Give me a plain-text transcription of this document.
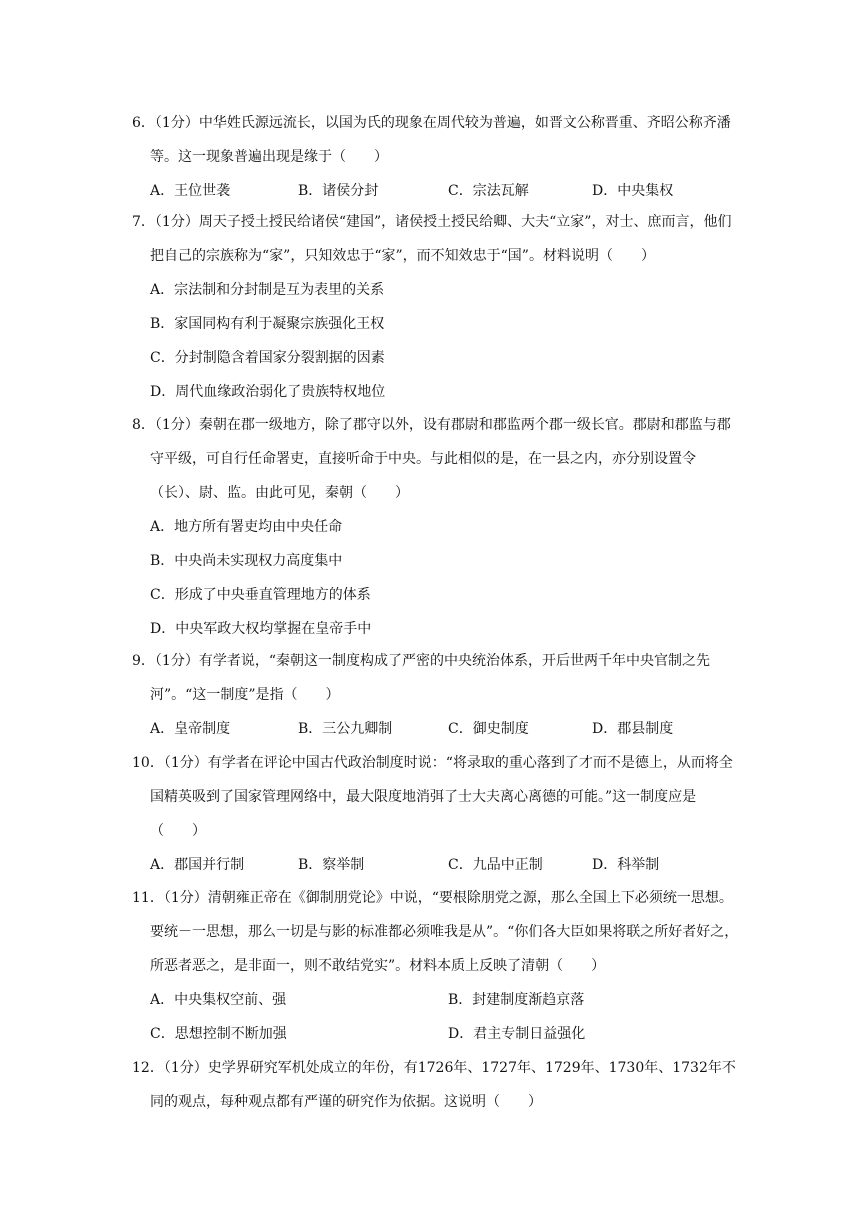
6．（1分）中华姓氏源远流长，以国为氏的现象在周代较为普遍，如晋文公称晋重、齐昭公称齐潘等。这一现象普遍出现是缘于（　　）

A．王位世袭	B．诸侯分封	C．宗法瓦解	D．中央集权

7．（1分）周天子授土授民给诸侯“建国”，诸侯授土授民给卿、大夫“立家”，对士、庶而言，他们把自己的宗族称为“家”，只知效忠于“家”，而不知效忠于“国”。材料说明（　　）

A．宗法制和分封制是互为表里的关系
B．家国同构有利于凝聚宗族强化王权
C．分封制隐含着国家分裂割据的因素
D．周代血缘政治弱化了贵族特权地位

8．（1分）秦朝在郡一级地方，除了郡守以外，设有郡尉和郡监两个郡一级长官。郡尉和郡监与郡守平级，可自行任命署吏，直接听命于中央。与此相似的是，在一县之内，亦分别设置令（长）、尉、监。由此可见，秦朝（　　）

A．地方所有署吏均由中央任命
B．中央尚未实现权力高度集中
C．形成了中央垂直管理地方的体系
D．中央军政大权均掌握在皇帝手中

9．（1分）有学者说，“秦朝这一制度构成了严密的中央统治体系，开后世两千年中央官制之先河”。“这一制度”是指（　　）

A．皇帝制度	B．三公九卿制	C．御史制度	D．郡县制度

10．（1分）有学者在评论中国古代政治制度时说：“将录取的重心落到了才而不是德上，从而将全国精英吸到了国家管理网络中，最大限度地消弭了士大夫离心离德的可能。”这一制度应是（　　）

A．郡国并行制	B．察举制	C．九品中正制	D．科举制

11．（1分）清朝雍正帝在《御制朋党论》中说，“要根除朋党之源，那么全国上下必须统一思想。要统－一思想，那么一切是与影的标准都必须唯我是从”。“你们各大臣如果将联之所好者好之，所恶者恶之，是非面一，则不敢结党实”。材料本质上反映了清朝（　　）

A．中央集权空前、强	B．封建制度渐趋京落
C．思想控制不断加强	D．君主专制日益强化

12．（1分）史学界研究军机处成立的年份，有1726年、1727年、1729年、1730年、1732年不同的观点，每种观点都有严谨的研究作为依据。这说明（　　）
